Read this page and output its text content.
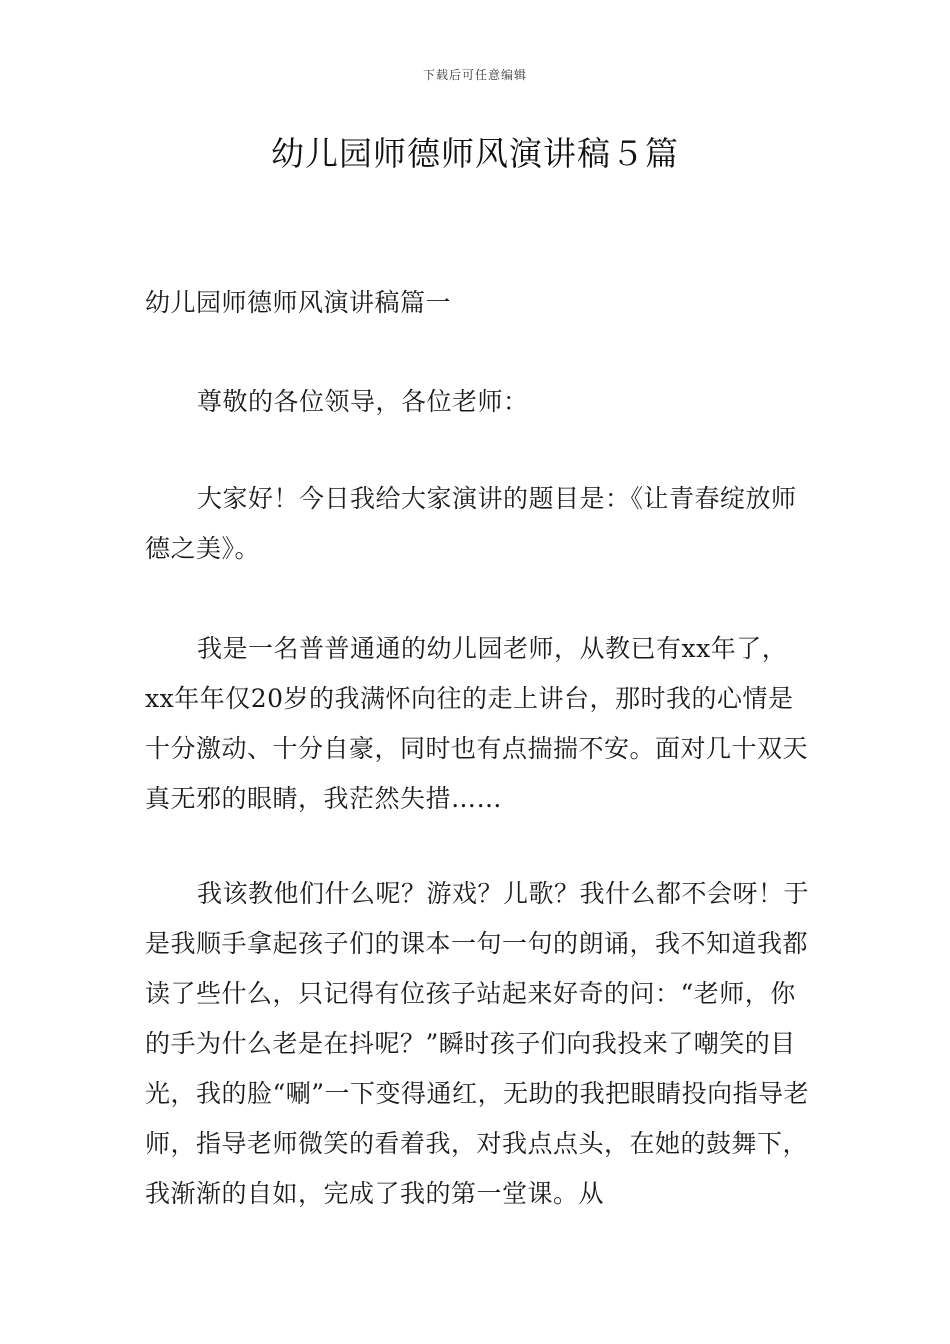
下载后可任意编辑
幼儿园师德师风演讲稿５篇
幼儿园师德师风演讲稿篇一

尊敬的各位领导，各位老师：

大家好！今日我给大家演讲的题目是：《让青春绽放师德之美》。

我是一名普普通通的幼儿园老师，从教已有xx年了，xx年年仅20岁的我满怀向往的走上讲台，那时我的心情是十分激动、十分自豪，同时也有点揣揣不安。面对几十双天真无邪的眼睛，我茫然失措……

我该教他们什么呢？游戏？儿歌？我什么都不会呀！于是我顺手拿起孩子们的课本一句一句的朗诵，我不知道我都读了些什么，只记得有位孩子站起来好奇的问：“老师，你的手为什么老是在抖呢？”瞬时孩子们向我投来了嘲笑的目光，我的脸“唰”一下变得通红，无助的我把眼睛投向指导老师，指导老师微笑的看着我，对我点点头，在她的鼓舞下，我渐渐的自如，完成了我的第一堂课。从
